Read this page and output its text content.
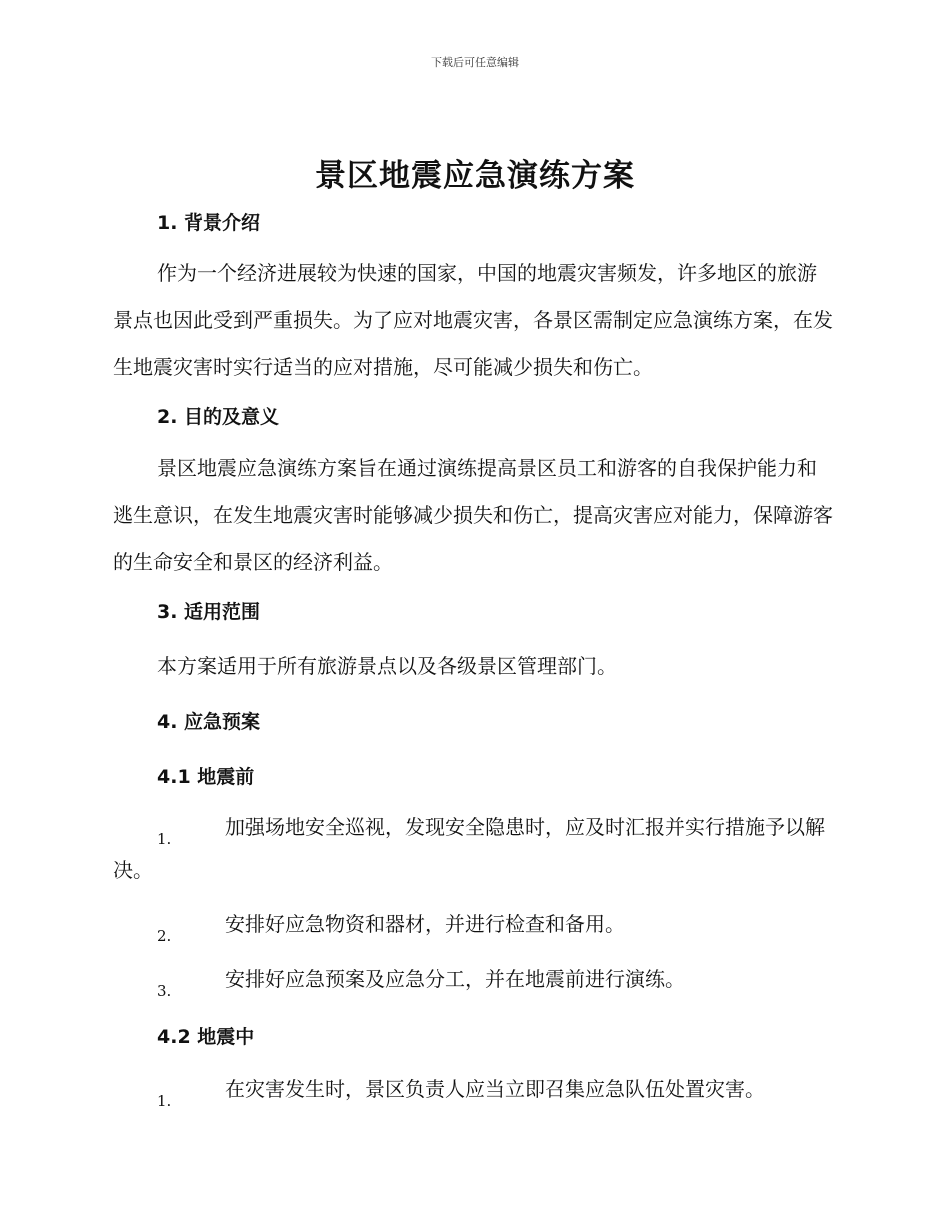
下载后可任意编辑
景区地震应急演练方案
1. 背景介绍

作为一个经济进展较为快速的国家，中国的地震灾害频发，许多地区的旅游景点也因此受到严重损失。为了应对地震灾害，各景区需制定应急演练方案，在发生地震灾害时实行适当的应对措施，尽可能减少损失和伤亡。

2. 目的及意义

景区地震应急演练方案旨在通过演练提高景区员工和游客的自我保护能力和逃生意识，在发生地震灾害时能够减少损失和伤亡，提高灾害应对能力，保障游客的生命安全和景区的经济利益。

3. 适用范围
本方案适用于所有旅游景点以及各级景区管理部门。
4. 应急预案
4.1 地震前
1.	加强场地安全巡视，发现安全隐患时，应及时汇报并实行措施予以解决。
2.	安排好应急物资和器材，并进行检查和备用。
3.	安排好应急预案及应急分工，并在地震前进行演练。
4.2 地震中
1.	在灾害发生时，景区负责人应当立即召集应急队伍处置灾害。
